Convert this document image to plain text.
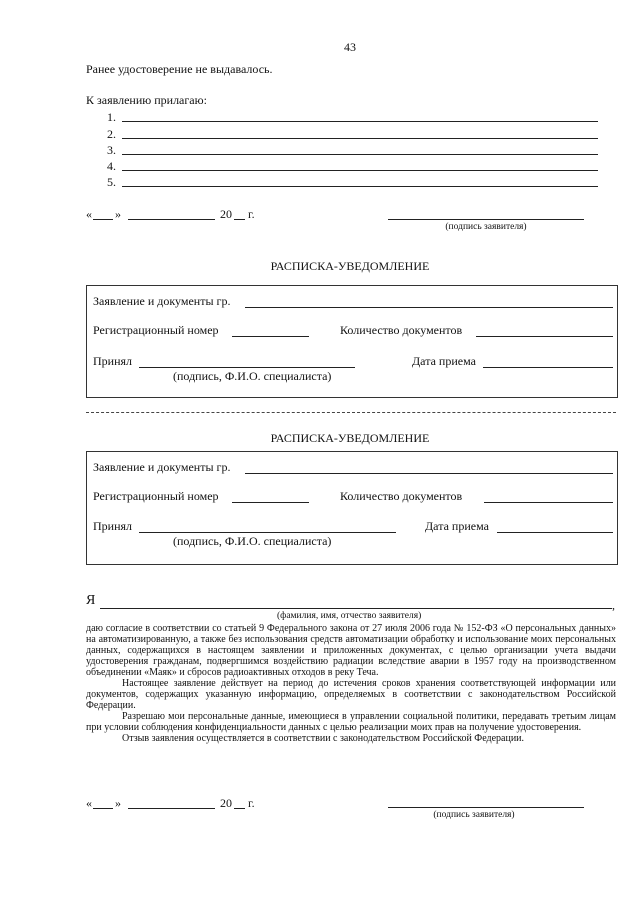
43
Ранее удостоверение не выдавалось.
К заявлению прилагаю:
1.
2.
3.
4.
5.
« »	20 г.
(подпись заявителя)
РАСПИСКА-УВЕДОМЛЕНИЕ
Заявление и документы гр.
Регистрационный номер	Количество документов
Принял	Дата приема
(подпись, Ф.И.О. специалиста)
РАСПИСКА-УВЕДОМЛЕНИЕ
Заявление и документы гр.
Регистрационный номер	Количество документов
Принял	Дата приема
(подпись, Ф.И.О. специалиста)
Я	,
(фамилия, имя, отчество заявителя)

даю согласие в соответствии со статьей 9 Федерального закона от 27 июля 2006 года № 152-ФЗ «О персональных данных» на автоматизированную, а также без использования средств автоматизации обработку и использование моих персональных данных, содержащихся в настоящем заявлении и приложенных документах, с целью организации учета выдачи удостоверения гражданам, подвергшимся воздействию радиации вследствие аварии в 1957 году на производственном объединении «Маяк» и сбросов радиоактивных отходов в реку Теча.

Настоящее заявление действует на период до истечения сроков хранения соответствующей информации или документов, содержащих указанную информацию, определяемых в соответствии с законодательством Российской Федерации.

Разрешаю мои персональные данные, имеющиеся в управлении социальной политики, передавать третьим лицам при условии соблюдения конфиденциальности данных с целью реализации моих прав на получение удостоверения.

Отзыв заявления осуществляется в соответствии с законодательством Российской Федерации.

« »	20 г.
(подпись заявителя)
